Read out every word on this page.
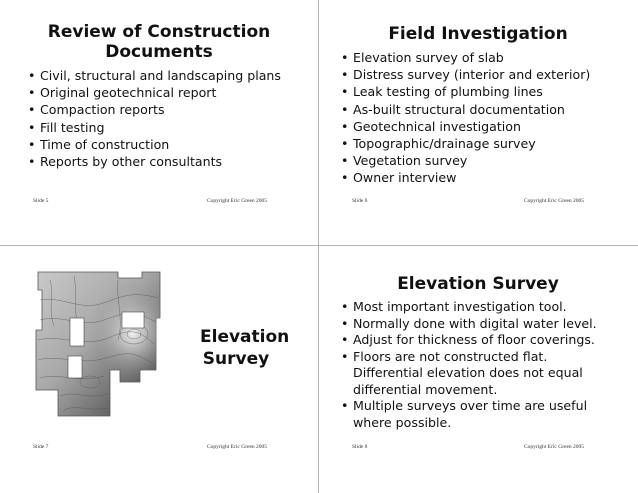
Review of Construction Documents
• Civil, structural and landscaping plans
• Original geotechnical report
• Compaction reports
• Fill testing
• Time of construction
• Reports by other consultants
Slide 5	Copyright Eric Green 2005
Field Investigation
• Elevation survey of slab
• Distress survey (interior and exterior)
• Leak testing of plumbing lines
• As-built structural documentation
• Geotechnical investigation
• Topographic/drainage survey
• Vegetation survey
• Owner interview
Slide 6	Copyright Eric Green 2005
Elevation Survey
Slide 7	Copyright Eric Green 2005
Elevation Survey
• Most important investigation tool.
• Normally done with digital water level.
• Adjust for thickness of floor coverings.
• Floors are not constructed flat. Differential elevation does not equal differential movement.
• Multiple surveys over time are useful where possible.
Slide 8	Copyright Eric Green 2005
